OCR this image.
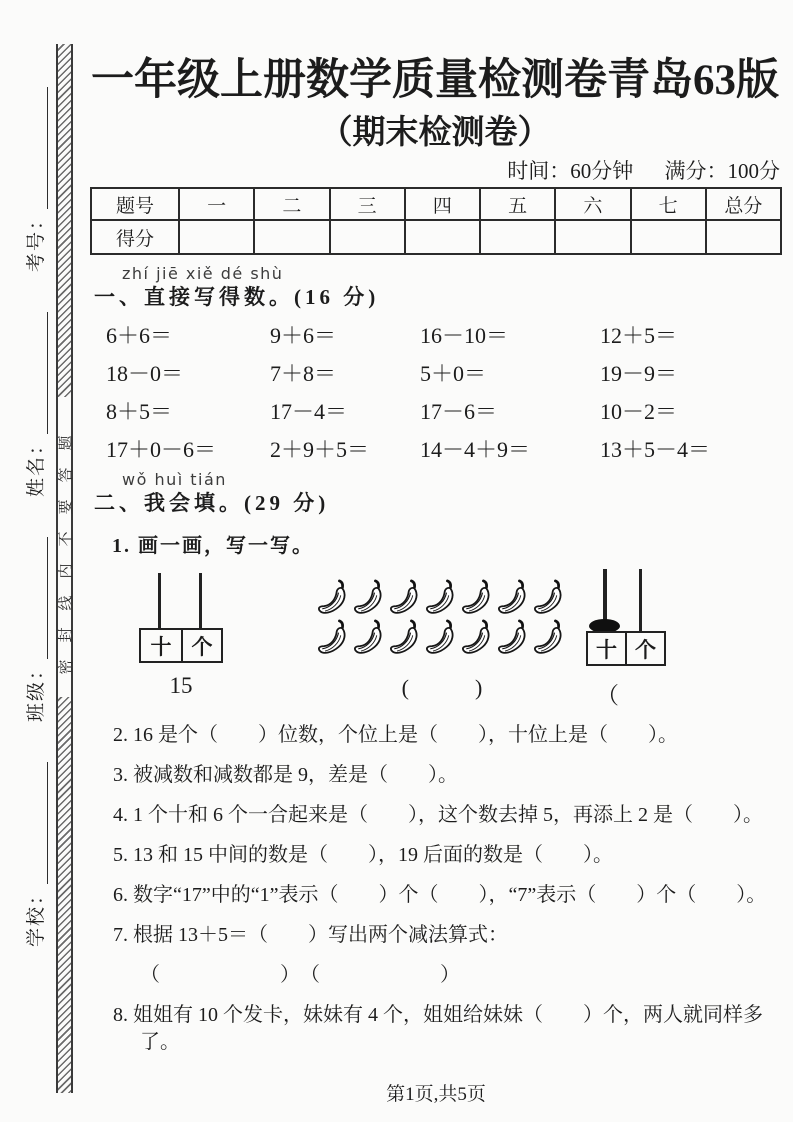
学校：
班级：
姓名：
考号：
密封线内不要答题
一年级上册数学质量检测卷青岛63版
（期末检测卷）
时间：60分钟 满分：100分
题号	一	二	三	四	五	六	七	总分
得分								
zhí jiē xiě dé shù
一、直接写得数。(16 分)
6＋6＝	9＋6＝	16－10＝	12＋5＝
18－0＝	7＋8＝	5＋0＝	19－9＝
8＋5＝	17－4＝	17－6＝	10－2＝
17＋0－6＝	2＋9＋5＝	14－4＋9＝	13＋5－4＝
wǒ huì tián
二、我会填。(29 分)
1. 画一画，写一写。
十 个
15	(　　　)
十 个
（
2. 16 是个（　　）位数，个位上是（　　），十位上是（　　）。
3. 被减数和减数都是 9，差是（　　）。
4. 1 个十和 6 个一合起来是（　　），这个数去掉 5，再添上 2 是（　　）。
5. 13 和 15 中间的数是（　　），19 后面的数是（　　）。
6. 数字“17”中的“1”表示（　　）个（　　），“7”表示（　　）个（　　）。
7. 根据 13＋5＝（　　）写出两个减法算式：
（　　　　　　）　（　　　　　　）
8. 姐姐有 10 个发卡，妹妹有 4 个，姐姐给妹妹（　　）个，两人就同样多了。
第1页,共5页
